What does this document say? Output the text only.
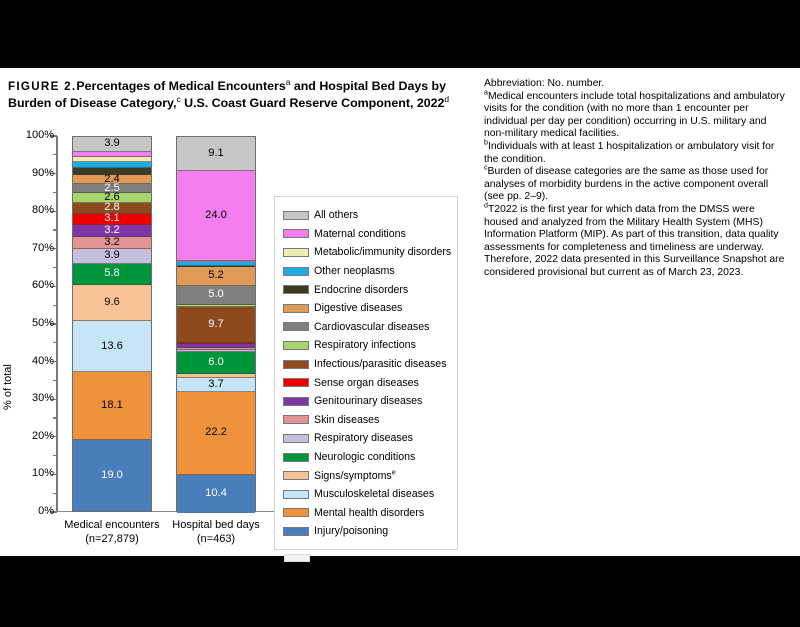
FIGURE 2.Percentages of Medical Encounters$^a$ and Hospital Bed Days by Burden of Disease Category,$^c$ U.S. Coast Guard Reserve Component, 2022$^d$
% of total
0%
10%
20%
30%
40%
50%
60%
70%
80%
90%
100%
3.9
2.4
2.5
2.6
2.8
3.1
3.2
3.2
3.9
5.8
9.6
13.6
18.1
19.0
9.1
24.0
5.2
5.0
9.7
6.0
3.7
22.2
10.4
Medical encounters
(n=27,879)
Hospital bed days
(n=463)
All others
Maternal conditions
Metabolic/immunity disorders
Other neoplasms
Endocrine disorders
Digestive diseases
Cardiovascular diseases
Respiratory infections
Infectious/parasitic diseases
Sense organ diseases
Genitourinary diseases
Skin diseases
Respiratory diseases
Neurologic conditions
Signs/symptoms$^e$
Musculoskeletal diseases
Mental health disorders
Injury/poisoning

Abbreviation: No. number.

$^a$Medical encounters include total hospitalizations and ambulatory visits for the condition (with no more than 1 encounter per individual per day per condition) occurring in U.S. military and non-military medical facilities.

$^b$Individuals with at least 1 hospitalization or ambulatory visit for the condition.

$^c$Burden of disease categories are the same as those used for analyses of morbidity burdens in the active component overall (see pp. 2–9).

$^d$T2022 is the first year for which data from the DMSS were housed and analyzed from the Military Health System (MHS) Information Platform (MIP). As part of this transition, data quality assessments for completeness and timeliness are underway. Therefore, 2022 data presented in this Surveillance Snapshot are considered provisional but current as of March 23, 2023.
